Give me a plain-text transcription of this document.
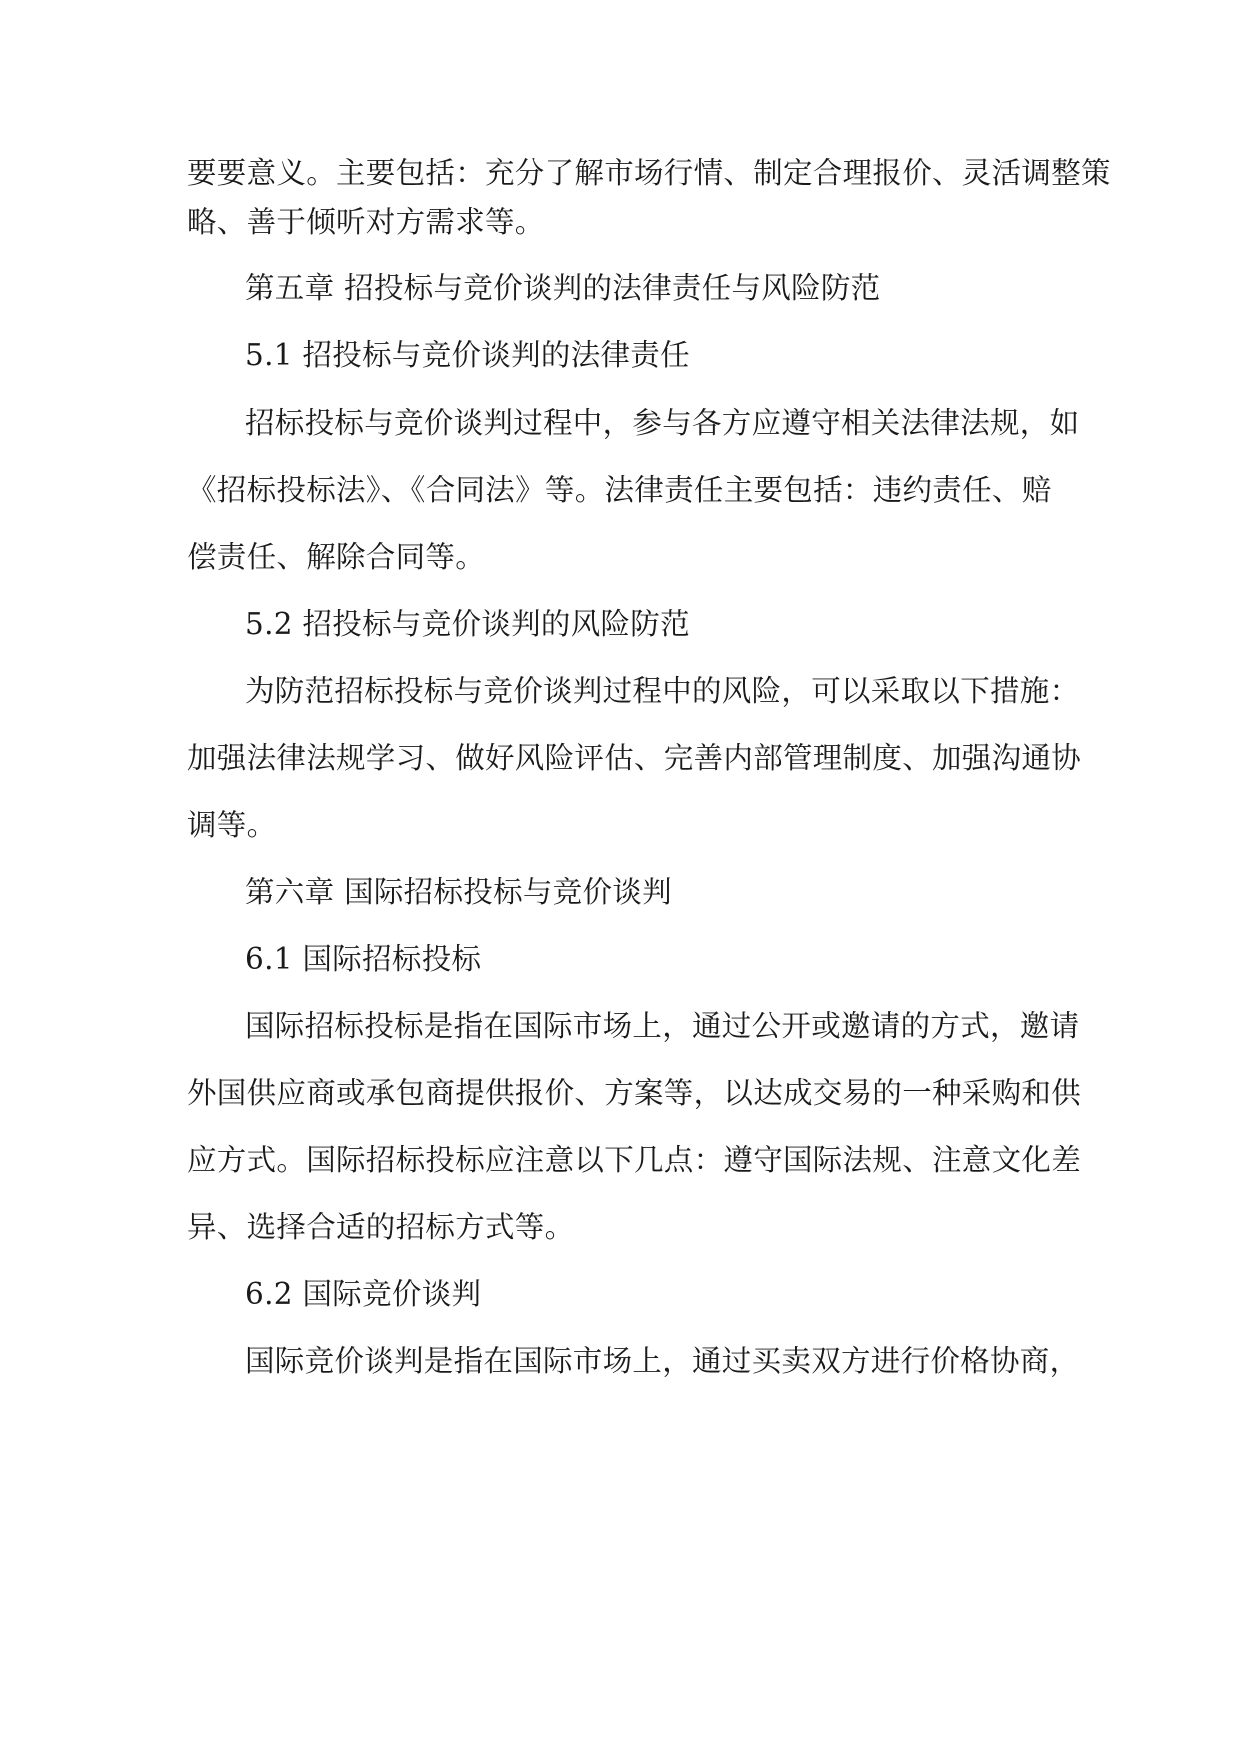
要要意义。主要包括：充分了解市场行情、制定合理报价、灵活调整策
略、善于倾听对方需求等。
第五章 招投标与竞价谈判的法律责任与风险防范
5.1 招投标与竞价谈判的法律责任
招标投标与竞价谈判过程中，参与各方应遵守相关法律法规，如
《招标投标法》、《合同法》等。法律责任主要包括：违约责任、赔
偿责任、解除合同等。
5.2 招投标与竞价谈判的风险防范
为防范招标投标与竞价谈判过程中的风险，可以采取以下措施：
加强法律法规学习、做好风险评估、完善内部管理制度、加强沟通协
调等。
第六章 国际招标投标与竞价谈判
6.1 国际招标投标
国际招标投标是指在国际市场上，通过公开或邀请的方式，邀请
外国供应商或承包商提供报价、方案等，以达成交易的一种采购和供
应方式。国际招标投标应注意以下几点：遵守国际法规、注意文化差
异、选择合适的招标方式等。
6.2 国际竞价谈判
国际竞价谈判是指在国际市场上，通过买卖双方进行价格协商，
